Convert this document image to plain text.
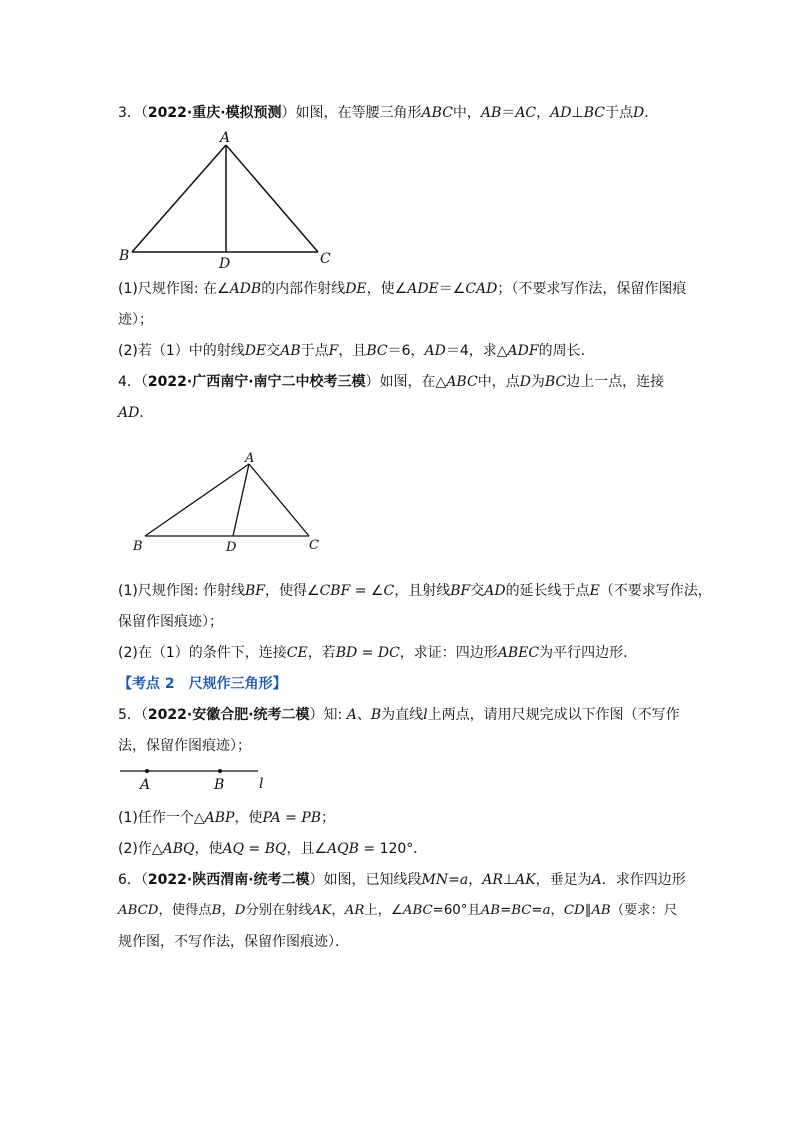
3．（2022·重庆·模拟预测）如图，在等腰三角形ABC中，AB＝AC，AD⊥BC于点D．
A
B	D	C
(1)尺规作图: 在∠ADB的内部作射线DE，使∠ADE＝∠CAD；（不要求写作法，保留作图痕
迹）；
(2)若（1）中的射线DE交AB于点F，且BC＝6，AD＝4，求△ADF的周长．
4．（2022·广西南宁·南宁二中校考三模）如图，在△ABC中，点D为BC边上一点，连接
AD．
A
B	D	C
(1)尺规作图: 作射线BF，使得∠CBF = ∠C，且射线BF交AD的延长线于点E（不要求写作法，
保留作图痕迹）；
(2)在（1）的条件下，连接CE，若BD = DC，求证：四边形ABEC为平行四边形．
【考点 2　尺规作三角形】
5．（2022·安徽合肥·统考二模）知: A、B为直线l上两点，请用尺规完成以下作图（不写作
法，保留作图痕迹）；
A	B l
(1)任作一个△ABP，使PA = PB；
(2)作△ABQ，使AQ = BQ，且∠AQB = 120°．
6．（2022·陕西渭南·统考二模）如图，已知线段MN=a，AR⊥AK，垂足为A．求作四边形
ABCD，使得点B，D分别在射线AK，AR上，∠ABC=60°且AB=BC=a，CD∥AB（要求：尺
规作图，不写作法，保留作图痕迹）．
